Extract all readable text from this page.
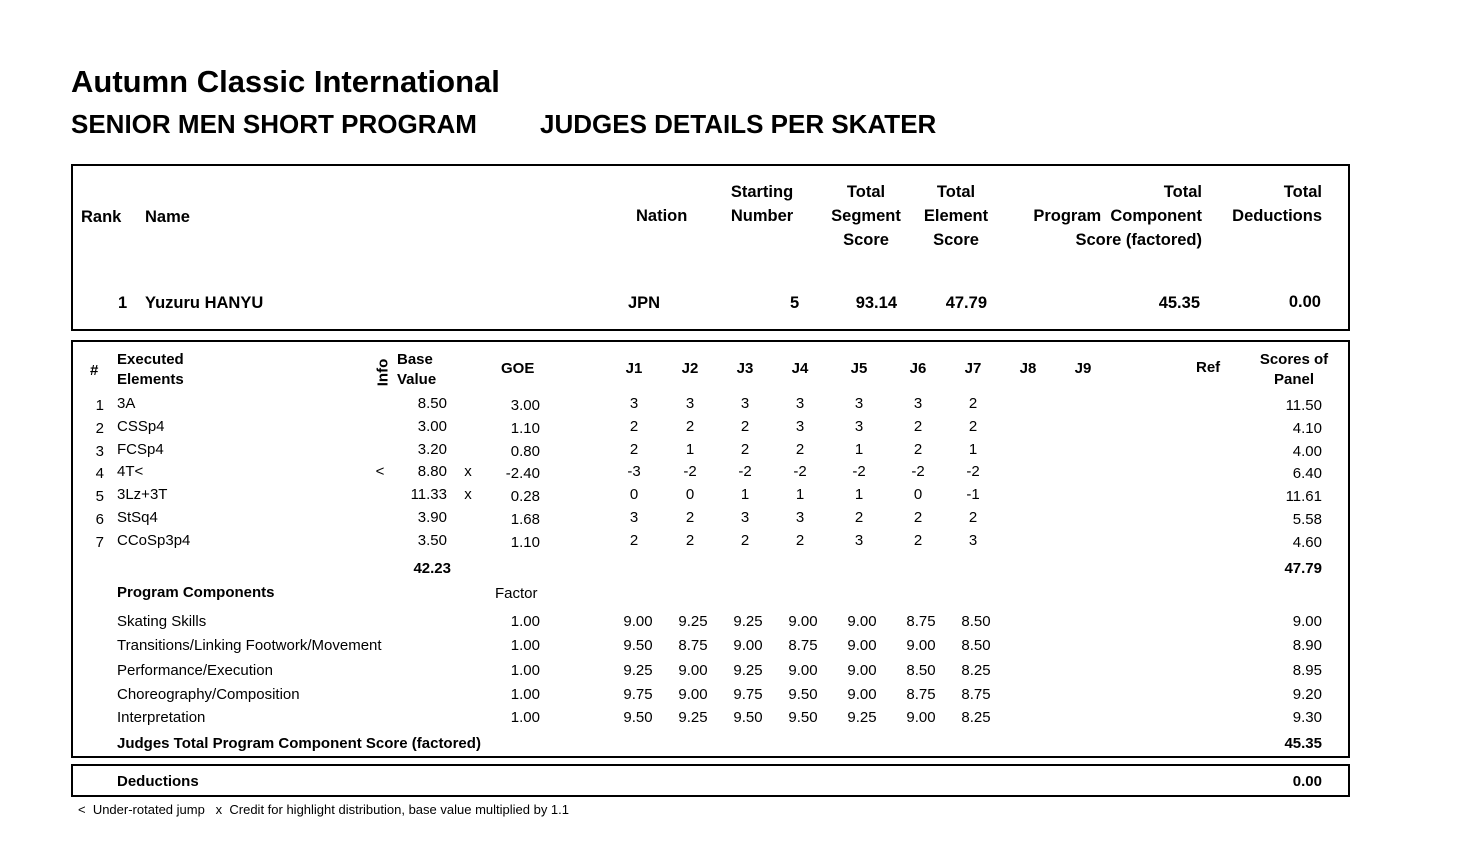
Autumn Classic International
SENIOR MEN SHORT PROGRAM JUDGES DETAILS PER SKATER
Rank Name	Nation
Starting
Number
Total
Segment
Score
Total
Element
Score
Total
Program  Component
Score (factored)
Total
Deductions
1 Yuzuru HANYU	JPN	5	93.14	47.79	45.35	0.00
#
Executed
Elements	Info Base
Value
GOE	J1	J2	J3	J4	J5	J6	J7	J8	J9	Ref	Scores of
Panel
1 3A	8.50	3.00	3	3	3	3	3	3	2	11.50
2 CSSp4	3.00	1.10	2	2	2	3	3	2	2	4.10
3 FCSp4	3.20	0.80	2	1	2	2	1	2	1	4.00
4 4T<	<	8.80 x	-2.40	-3	-2	-2	-2	-2	-2	-2	6.40
5 3Lz+3T	11.33 x	0.28	0	0	1	1	1	0	-1	11.61
6 StSq4	3.90	1.68	3	2	3	3	2	2	2	5.58
7 CCoSp3p4	3.50	1.10	2	2	2	2	3	2	3	4.60
42.23	47.79
Program Components	Factor
Skating Skills	1.00	9.00	9.25	9.25	9.00	9.00	8.75	8.50	9.00
Transitions/Linking Footwork/Movement	1.00	9.50	8.75	9.00	8.75	9.00	9.00	8.50	8.90
Performance/Execution	1.00	9.25	9.00	9.25	9.00	9.00	8.50	8.25	8.95
Choreography/Composition	1.00	9.75	9.00	9.75	9.50	9.00	8.75	8.75	9.20
Interpretation	1.00	9.50	9.25	9.50	9.50	9.25	9.00	8.25	9.30
Judges Total Program Component Score (factored)	45.35
Deductions	0.00
<  Under-rotated jump   x  Credit for highlight distribution, base value multiplied by 1.1
